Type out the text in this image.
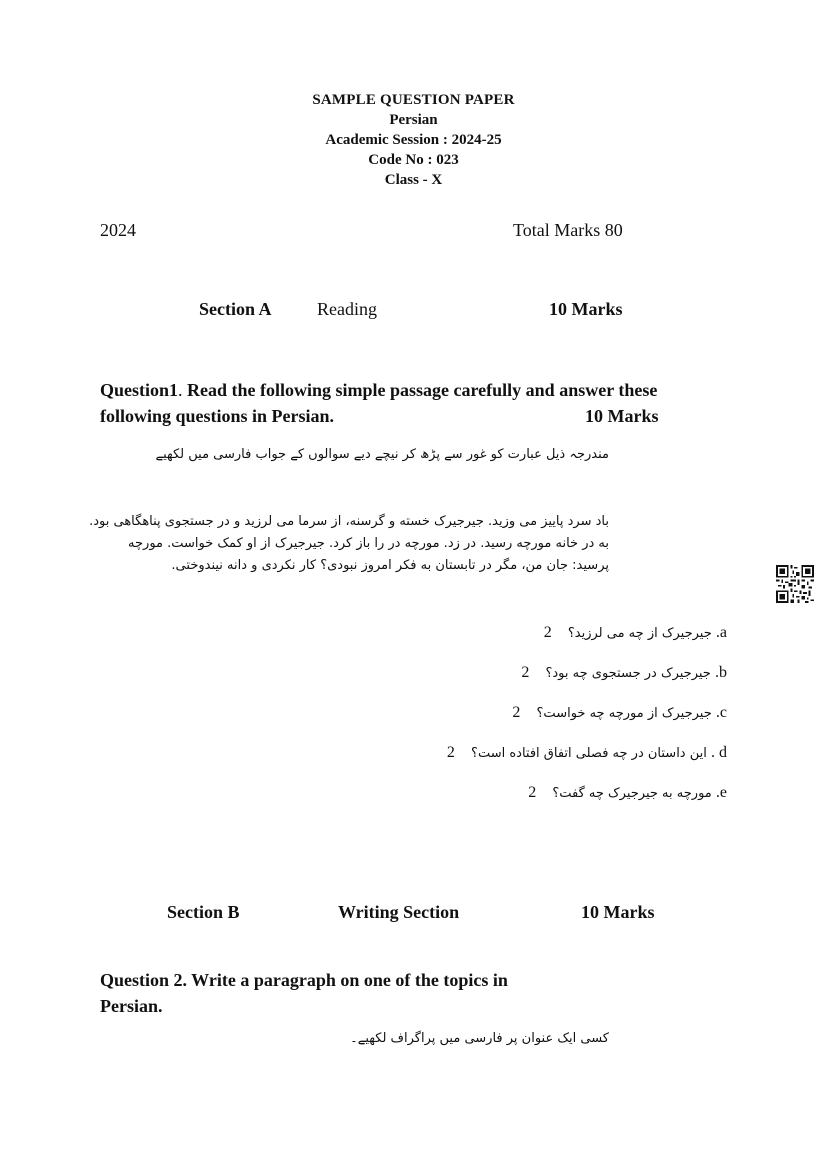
SAMPLE QUESTION PAPER
Persian
Academic Session : 2024-25
Code No : 023
Class - X
2024	Total Marks 80
Section A	Reading	10 Marks
Question1. Read the following simple passage carefully and answer these following questions in Persian.	10 Marks
مندرجہ ذیل عبارت کو غور سے پڑھ کر نیچے دیے سوالوں کے جواب فارسی میں لکھیے
باد سرد پاییز می وزید. جیرجیرک خسته و گرسنه، از سرما می لرزید و در جستجوی پناهگاهی بود. به در خانه مورچه رسید. در زد. مورچه در را باز کرد. جیرجیرک از او کمک خواست. مورچه پرسید: جان من، مگر در تابستان به فکر امروز نبودی؟ کار نکردی و دانه نیندوختی.
a. جیرجیرک از چه می لرزید؟ 2
b. جیرجیرک در جستجوی چه بود؟ 2
c. جیرجیرک از مورچه چه خواست؟ 2
d . این داستان در چه فصلی اتفاق افتاده است؟ 2
e. مورچه به جیرجیرک چه گفت؟ 2
Section B	Writing Section	10 Marks
Question 2. Write a paragraph on one of the topics in Persian.
کسی ایک عنوان پر فارسی میں پراگراف لکھیے۔
